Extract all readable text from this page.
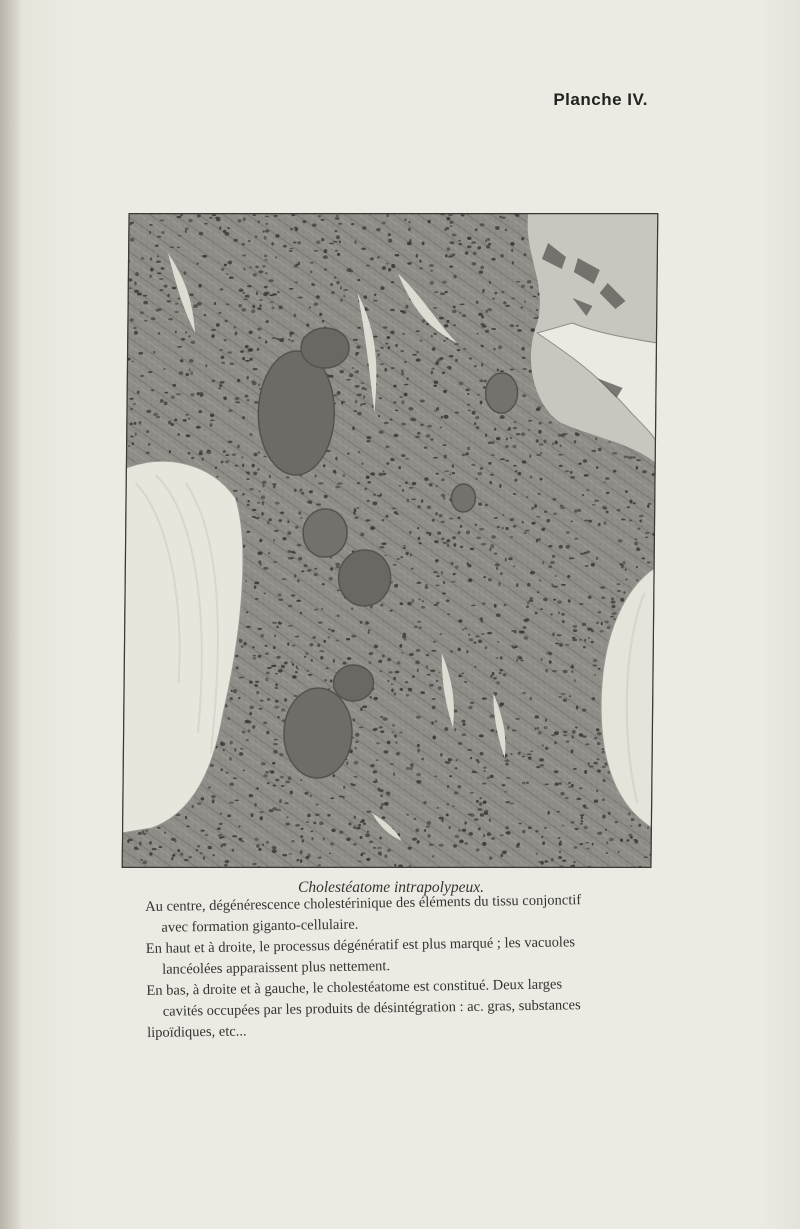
Planche IV.
Cholestéatome intrapolypeux.

Au centre, dégénérescence cholestérinique des éléments du tissu conjonctif

avec formation giganto-cellulaire.

En haut et à droite, le processus dégénératif est plus marqué ; les vacuoles

lancéolées apparaissent plus nettement.

En bas, à droite et à gauche, le cholestéatome est constitué. Deux larges

cavités occupées par les produits de désintégration : ac. gras, substances

lipoïdiques, etc...
